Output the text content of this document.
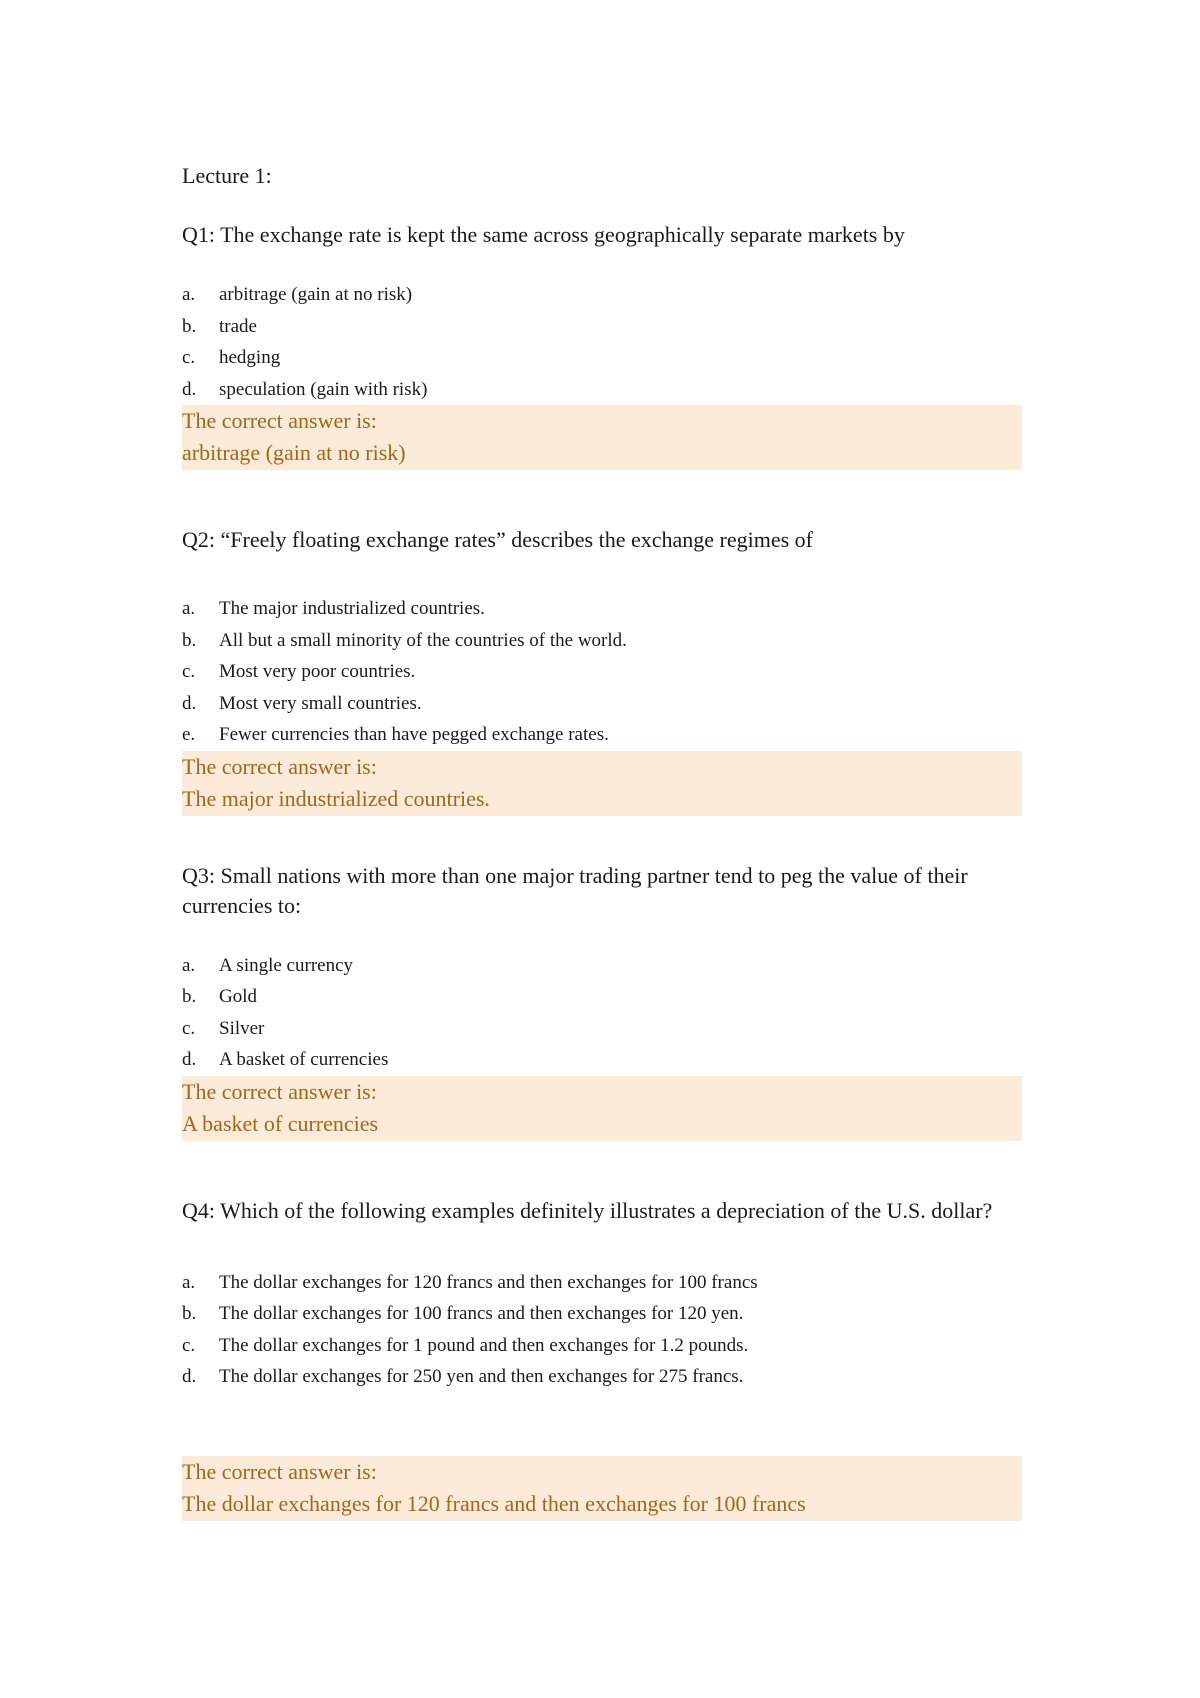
Lecture 1:

Q1: The exchange rate is kept the same across geographically separate markets by

a.	arbitrage (gain at no risk)
b.	trade
c.	hedging
d.	speculation (gain with risk)
The correct answer is:
arbitrage (gain at no risk)

Q2: “Freely floating exchange rates” describes the exchange regimes of

a.	The major industrialized countries.
b.	All but a small minority of the countries of the world.
c.	Most very poor countries.
d.	Most very small countries.
e.	Fewer currencies than have pegged exchange rates.
The correct answer is:
The major industrialized countries.

Q3: Small nations with more than one major trading partner tend to peg the value of their currencies to:

a.	A single currency
b.	Gold
c.	Silver
d.	A basket of currencies
The correct answer is:
A basket of currencies

Q4: Which of the following examples definitely illustrates a depreciation of the U.S. dollar?

a.	The dollar exchanges for 120 francs and then exchanges for 100 francs
b.	The dollar exchanges for 100 francs and then exchanges for 120 yen.
c.	The dollar exchanges for 1 pound and then exchanges for 1.2 pounds.
d.	The dollar exchanges for 250 yen and then exchanges for 275 francs.
The correct answer is:
The dollar exchanges for 120 francs and then exchanges for 100 francs
